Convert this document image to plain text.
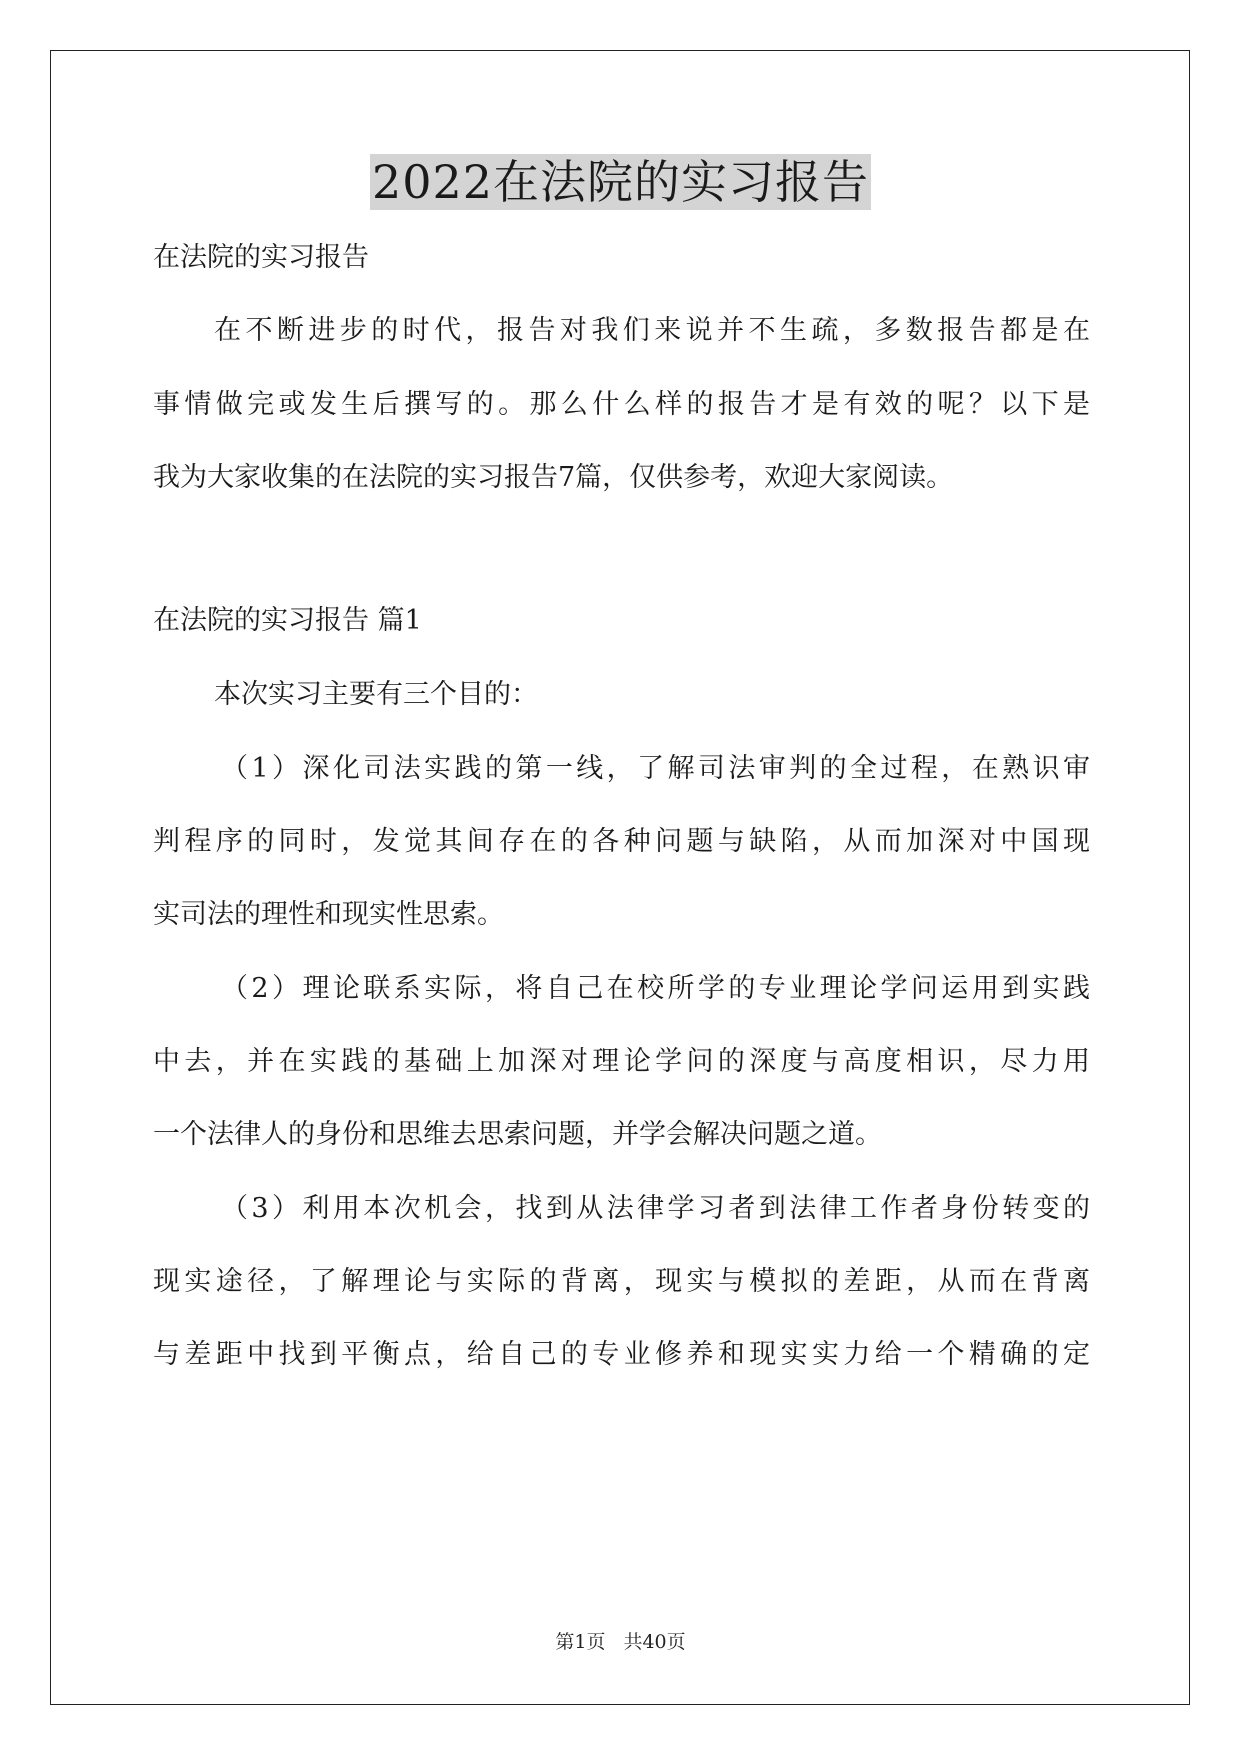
2022在法院的实习报告
在法院的实习报告
在不断进步的时代，报告对我们来说并不生疏，多数报告都是在
事情做完或发生后撰写的。那么什么样的报告才是有效的呢？以下是
我为大家收集的在法院的实习报告7篇，仅供参考，欢迎大家阅读。
在法院的实习报告 篇1
本次实习主要有三个目的：
（1）深化司法实践的第一线，了解司法审判的全过程，在熟识审
判程序的同时，发觉其间存在的各种问题与缺陷，从而加深对中国现
实司法的理性和现实性思索。
（2）理论联系实际，将自己在校所学的专业理论学问运用到实践
中去，并在实践的基础上加深对理论学问的深度与高度相识，尽力用
一个法律人的身份和思维去思索问题，并学会解决问题之道。
（3）利用本次机会，找到从法律学习者到法律工作者身份转变的
现实途径，了解理论与实际的背离，现实与模拟的差距，从而在背离
与差距中找到平衡点，给自己的专业修养和现实实力给一个精确的定
第1页 共40页
